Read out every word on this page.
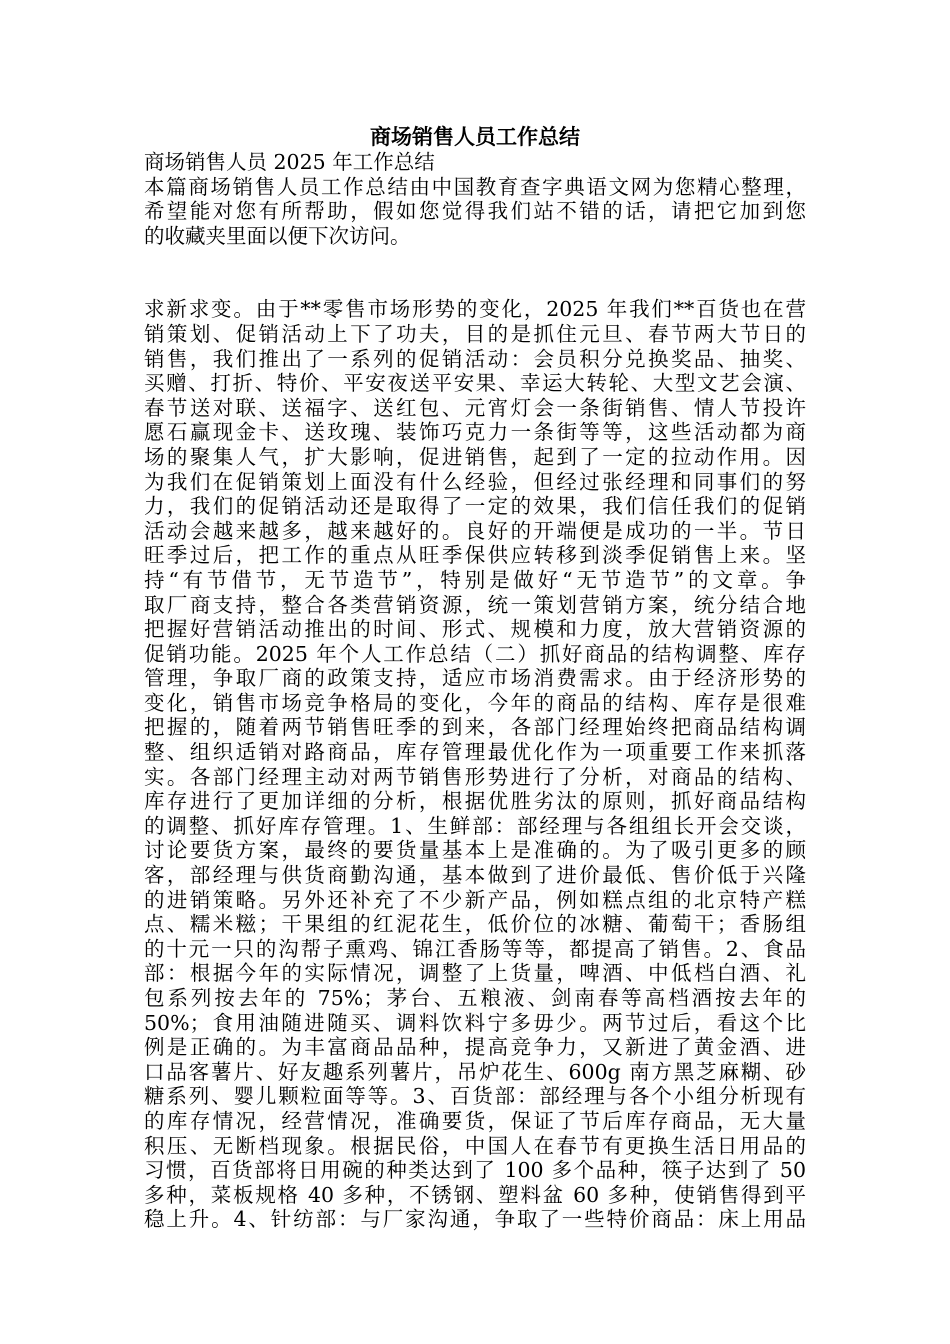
商场销售人员工作总结

商场销售人员 2025 年工作总结

本篇商场销售人员工作总结由中国教育查字典语文网为您精心整理，

希望能对您有所帮助，假如您觉得我们站不错的话，请把它加到您

的收藏夹里面以便下次访问。

求新求变。由于**零售市场形势的变化，2025 年我们**百货也在营

销策划、促销活动上下了功夫，目的是抓住元旦、春节两大节日的

销售，我们推出了一系列的促销活动：会员积分兑换奖品、抽奖、

买赠、打折、特价、平安夜送平安果、幸运大转轮、大型文艺会演、

春节送对联、送福字、送红包、元宵灯会一条街销售、情人节投许

愿石赢现金卡、送玫瑰、装饰巧克力一条街等等，这些活动都为商

场的聚集人气，扩大影响，促进销售，起到了一定的拉动作用。因

为我们在促销策划上面没有什么经验，但经过张经理和同事们的努

力，我们的促销活动还是取得了一定的效果，我们信任我们的促销

活动会越来越多，越来越好的。良好的开端便是成功的一半。节日

旺季过后，把工作的重点从旺季保供应转移到淡季促销售上来。坚

持“有节借节，无节造节”，特别是做好“无节造节”的文章。争

取厂商支持，整合各类营销资源，统一策划营销方案，统分结合地

把握好营销活动推出的时间、形式、规模和力度，放大营销资源的

促销功能。2025 年个人工作总结（二）抓好商品的结构调整、库存

管理，争取厂商的政策支持，适应市场消费需求。由于经济形势的

变化，销售市场竞争格局的变化，今年的商品的结构、库存是很难

把握的，随着两节销售旺季的到来，各部门经理始终把商品结构调

整、组织适销对路商品，库存管理最优化作为一项重要工作来抓落

实。各部门经理主动对两节销售形势进行了分析，对商品的结构、

库存进行了更加详细的分析，根据优胜劣汰的原则，抓好商品结构

的调整、抓好库存管理。1、生鲜部：部经理与各组组长开会交谈，

讨论要货方案，最终的要货量基本上是准确的。为了吸引更多的顾

客，部经理与供货商勤沟通，基本做到了进价最低、售价低于兴隆

的进销策略。另外还补充了不少新产品，例如糕点组的北京特产糕

点、糯米糍；干果组的红泥花生，低价位的冰糖、葡萄干；香肠组

的十元一只的沟帮子熏鸡、锦江香肠等等，都提高了销售。2、食品

部：根据今年的实际情况，调整了上货量，啤酒、中低档白酒、礼

包系列按去年的 75%；茅台、五粮液、剑南春等高档酒按去年的

50%；食用油随进随买、调料饮料宁多毋少。两节过后，看这个比

例是正确的。为丰富商品品种，提高竞争力，又新进了黄金酒、进

口品客薯片、好友趣系列薯片，吊炉花生、600g 南方黑芝麻糊、砂

糖系列、婴儿颗粒面等等。3、百货部：部经理与各个小组分析现有

的库存情况，经营情况，准确要货，保证了节后库存商品，无大量

积压、无断档现象。根据民俗，中国人在春节有更换生活日用品的

习惯，百货部将日用碗的种类达到了 100 多个品种，筷子达到了 50

多种，菜板规格 40 多种，不锈钢、塑料盆 60 多种，使销售得到平

稳上升。4、针纺部：与厂家沟通，争取了一些特价商品：床上用品
